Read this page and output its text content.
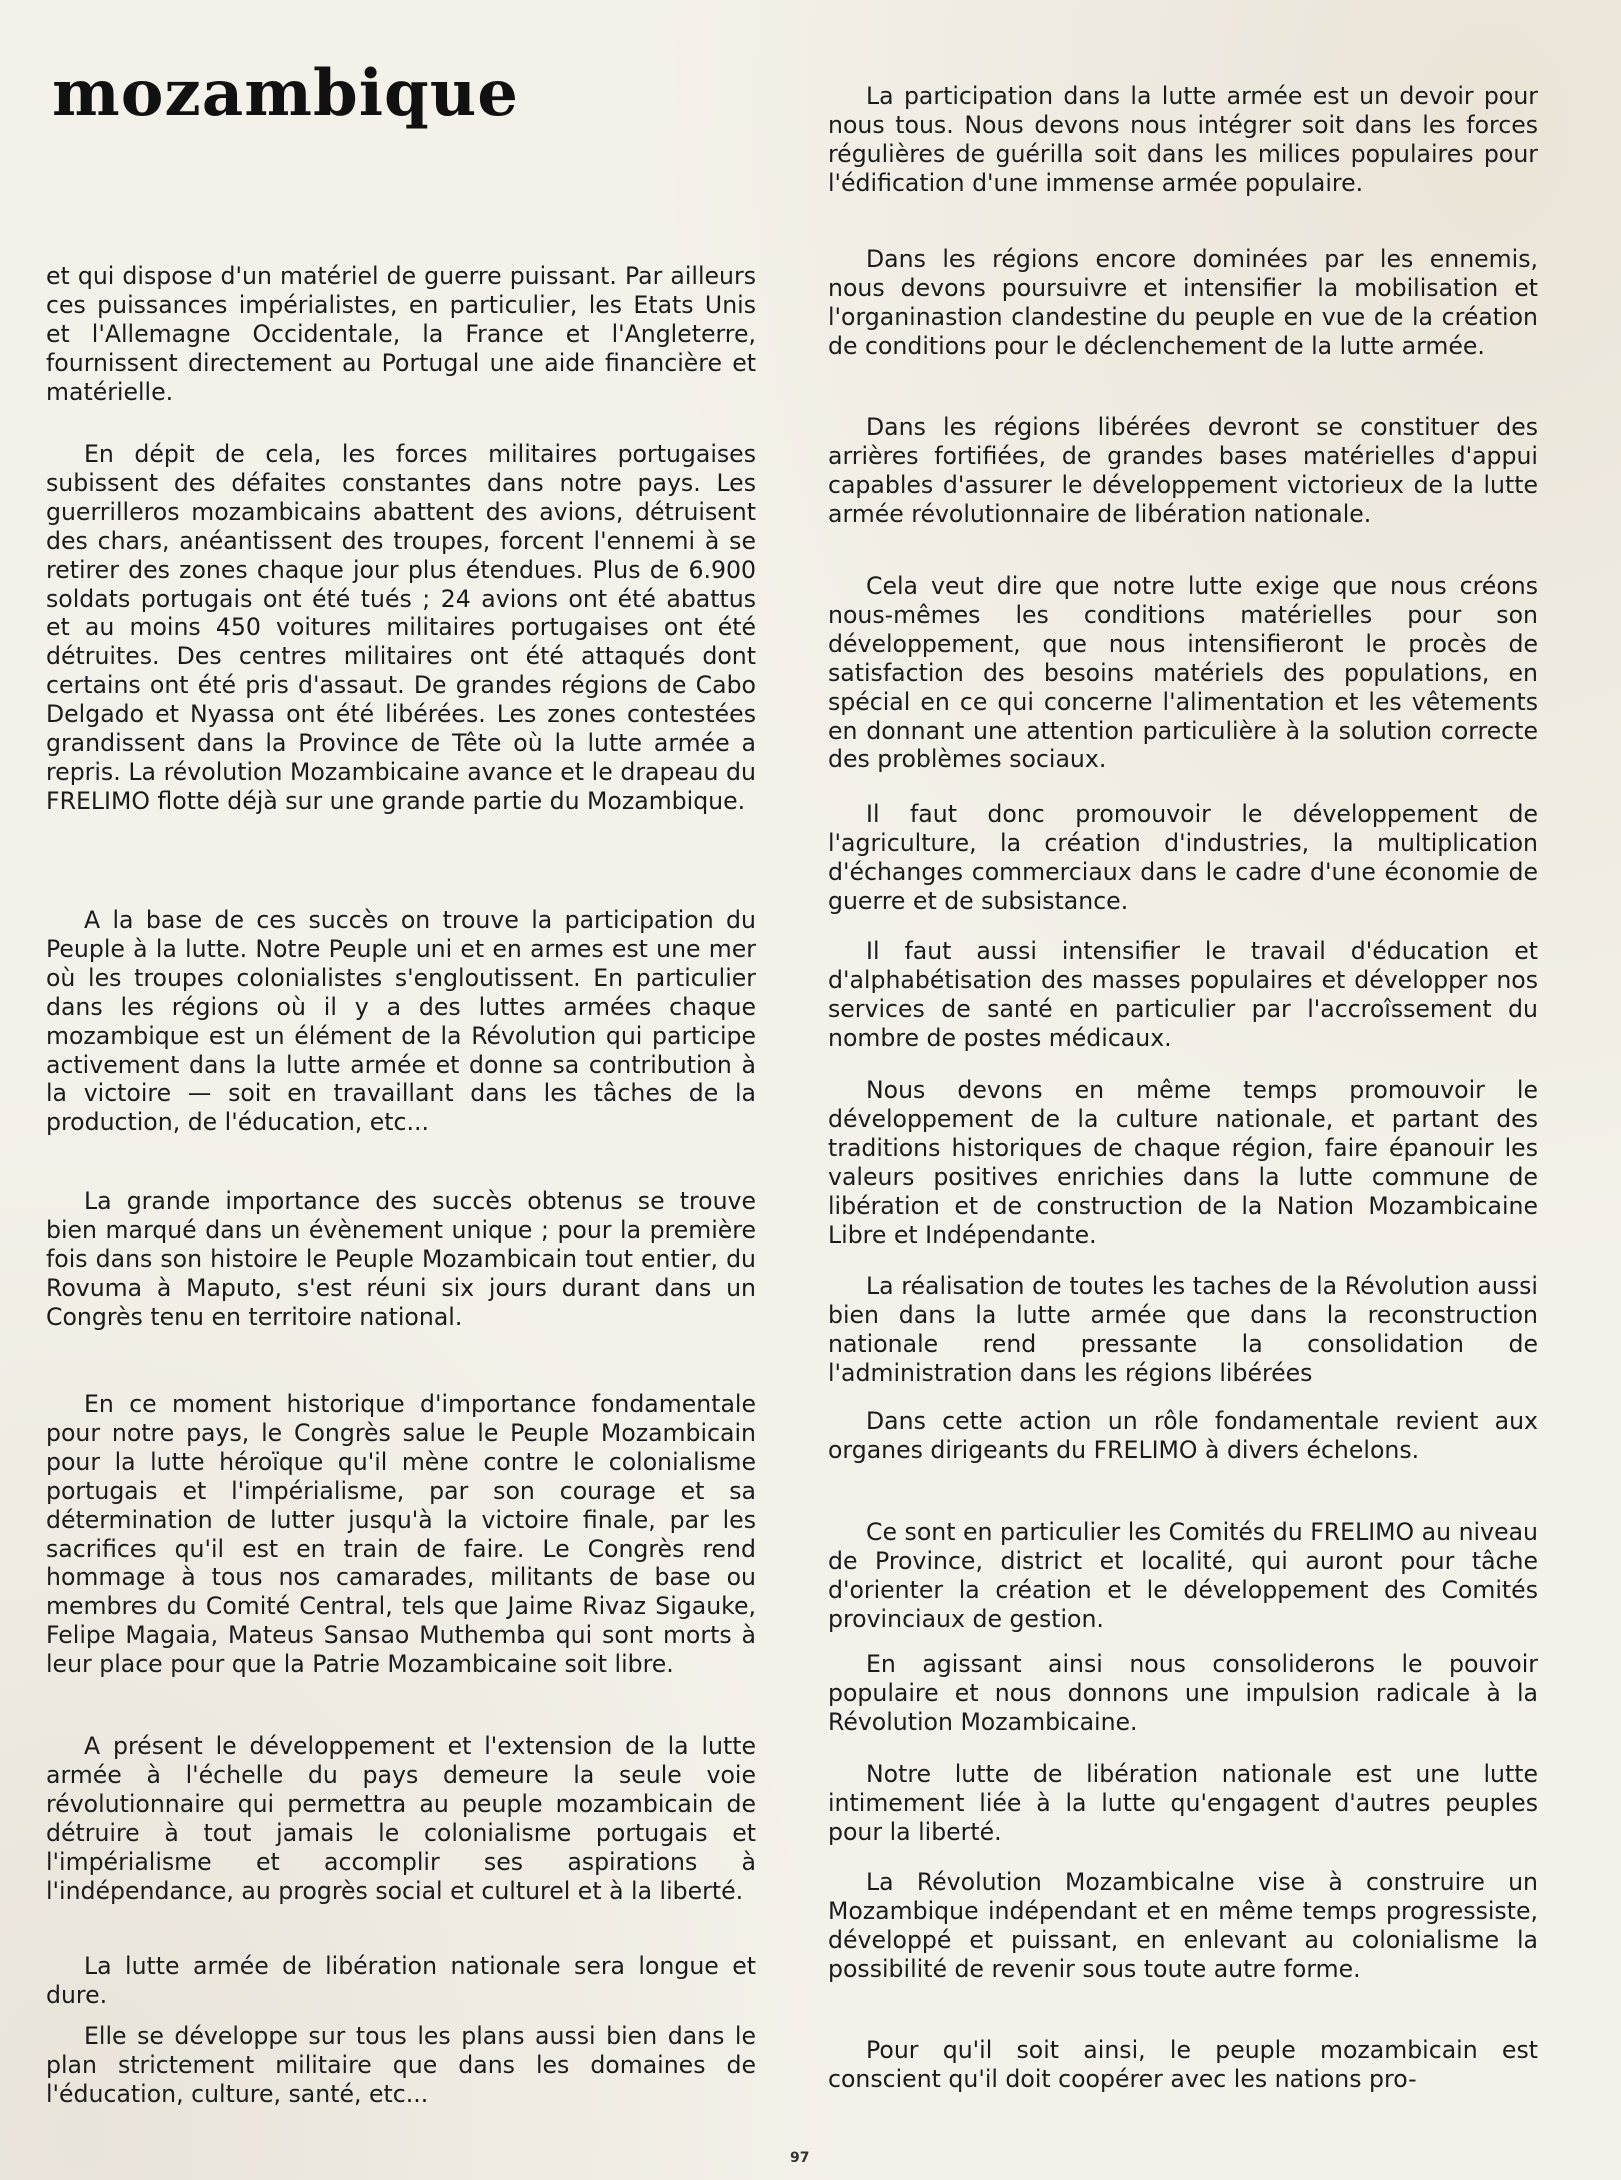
mozambique

et qui dispose d'un matériel de guerre puissant. Par ailleurs ces puissances impérialistes, en particulier, les Etats Unis et l'Allemagne Occidentale, la France et l'Angleterre, fournissent directement au Portugal une aide financière et matérielle.

En dépit de cela, les forces militaires portugaises subissent des défaites constantes dans notre pays. Les guerrilleros mozambicains abattent des avions, détruisent des chars, anéantissent des troupes, forcent l'ennemi à se retirer des zones chaque jour plus étendues. Plus de 6.900 soldats portugais ont été tués ; 24 avions ont été abattus et au moins 450 voitures militaires portugaises ont été détruites. Des centres militaires ont été attaqués dont certains ont été pris d'assaut. De grandes régions de Cabo Delgado et Nyassa ont été libérées. Les zones contestées grandissent dans la Province de Tête où la lutte armée a repris. La révolution Mozambicaine avance et le drapeau du FRELIMO flotte déjà sur une grande partie du Mozambique.

A la base de ces succès on trouve la participation du Peuple à la lutte. Notre Peuple uni et en armes est une mer où les troupes colonialistes s'engloutissent. En particulier dans les régions où il y a des luttes armées chaque mozambique est un élément de la Révolution qui participe activement dans la lutte armée et donne sa contribution à la victoire — soit en travaillant dans les tâches de la production, de l'éducation, etc...

La grande importance des succès obtenus se trouve bien marqué dans un évènement unique ; pour la première fois dans son histoire le Peuple Mozambicain tout entier, du Rovuma à Maputo, s'est réuni six jours durant dans un Congrès tenu en territoire national.

En ce moment historique d'importance fondamentale pour notre pays, le Congrès salue le Peuple Mozambicain pour la lutte héroïque qu'il mène contre le colonialisme portugais et l'impérialisme, par son courage et sa détermination de lutter jusqu'à la victoire finale, par les sacrifices qu'il est en train de faire. Le Congrès rend hommage à tous nos camarades, militants de base ou membres du Comité Central, tels que Jaime Rivaz Sigauke, Felipe Magaia, Mateus Sansao Muthemba qui sont morts à leur place pour que la Patrie Mozambicaine soit libre.

A présent le développement et l'extension de la lutte armée à l'échelle du pays demeure la seule voie révolutionnaire qui permettra au peuple mozambicain de détruire à tout jamais le colonialisme portugais et l'impérialisme et accomplir ses aspirations à l'indépendance, au progrès social et culturel et à la liberté.

La lutte armée de libération nationale sera longue et dure.

Elle se développe sur tous les plans aussi bien dans le plan strictement militaire que dans les domaines de l'éducation, culture, santé, etc...

La participation dans la lutte armée est un devoir pour nous tous. Nous devons nous intégrer soit dans les forces régulières de guérilla soit dans les milices populaires pour l'édification d'une immense armée populaire.

Dans les régions encore dominées par les ennemis, nous devons poursuivre et intensifier la mobilisation et l'organinastion clandestine du peuple en vue de la création de conditions pour le déclenchement de la lutte armée.

Dans les régions libérées devront se constituer des arrières fortifiées, de grandes bases matérielles d'appui capables d'assurer le développement victorieux de la lutte armée révolutionnaire de libération nationale.

Cela veut dire que notre lutte exige que nous créons nous-mêmes les conditions matérielles pour son développement, que nous intensifieront le procès de satisfaction des besoins matériels des populations, en spécial en ce qui concerne l'alimentation et les vêtements en donnant une attention particulière à la solution correcte des problèmes sociaux.

Il faut donc promouvoir le développement de l'agriculture, la création d'industries, la multiplication d'échanges commerciaux dans le cadre d'une économie de guerre et de subsistance.

Il faut aussi intensifier le travail d'éducation et d'alphabétisation des masses populaires et développer nos services de santé en particulier par l'accroîssement du nombre de postes médicaux.

Nous devons en même temps promouvoir le développement de la culture nationale, et partant des traditions historiques de chaque région, faire épanouir les valeurs positives enrichies dans la lutte commune de libération et de construction de la Nation Mozambicaine Libre et Indépendante.

La réalisation de toutes les taches de la Révolution aussi bien dans la lutte armée que dans la reconstruction nationale rend pressante la consolidation de l'administration dans les régions libérées

Dans cette action un rôle fondamentale revient aux organes dirigeants du FRELIMO à divers échelons.

Ce sont en particulier les Comités du FRELIMO au niveau de Province, district et localité, qui auront pour tâche d'orienter la création et le développement des Comités provinciaux de gestion.

En agissant ainsi nous consoliderons le pouvoir populaire et nous donnons une impulsion radicale à la Révolution Mozambicaine.

Notre lutte de libération nationale est une lutte intimement liée à la lutte qu'engagent d'autres peuples pour la liberté.

La Révolution Mozambicalne vise à construire un Mozambique indépendant et en même temps progressiste, développé et puissant, en enlevant au colonialisme la possibilité de revenir sous toute autre forme.

Pour qu'il soit ainsi, le peuple mozambicain est conscient qu'il doit coopérer avec les nations pro-

97
